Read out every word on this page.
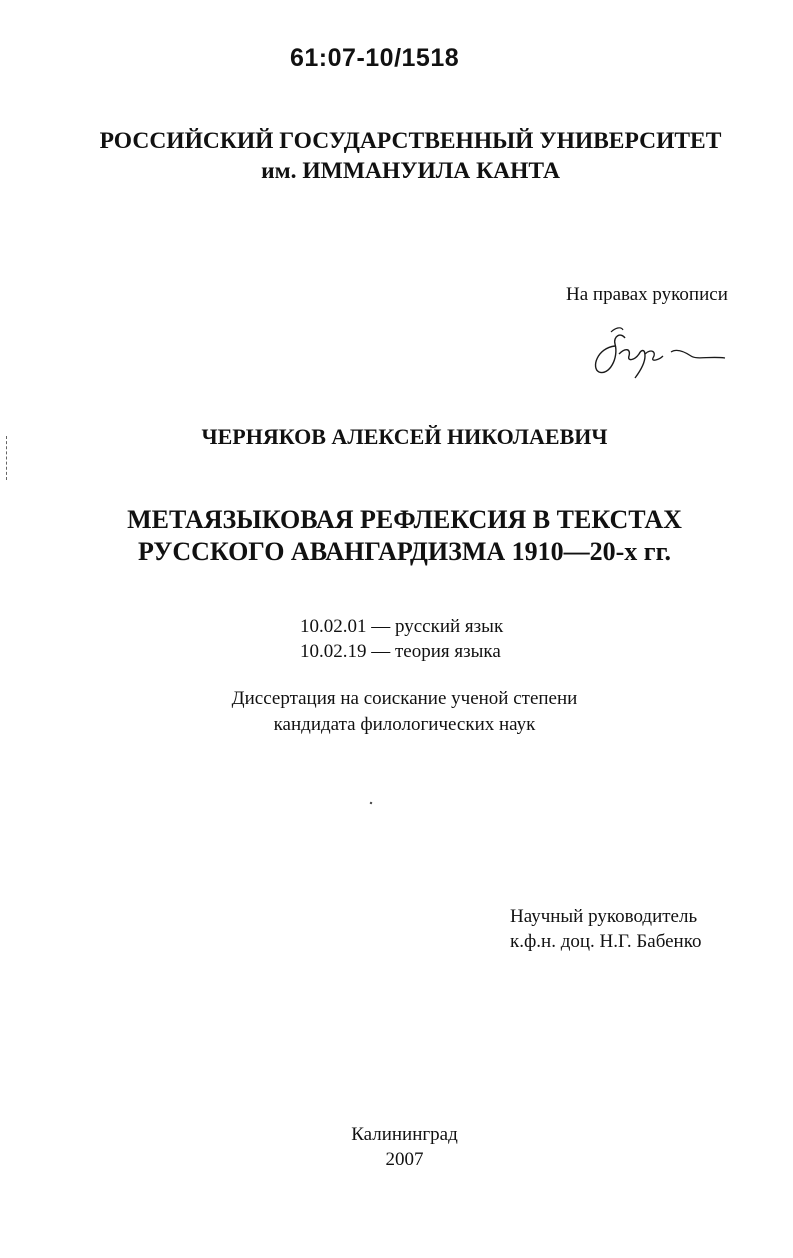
61:07-10/1518
РОССИЙСКИЙ ГОСУДАРСТВЕННЫЙ УНИВЕРСИТЕТ
им. ИММАНУИЛА КАНТА
На правах рукописи
ЧЕРНЯКОВ АЛЕКСЕЙ НИКОЛАЕВИЧ
МЕТАЯЗЫКОВАЯ РЕФЛЕКСИЯ В ТЕКСТАХ
РУССКОГО АВАНГАРДИЗМА 1910—20-х гг.
10.02.01 — русский язык
10.02.19 — теория языка
Диссертация на соискание ученой степени
кандидата филологических наук
Научный руководитель
к.ф.н. доц. Н.Г. Бабенко
Калининград
2007
